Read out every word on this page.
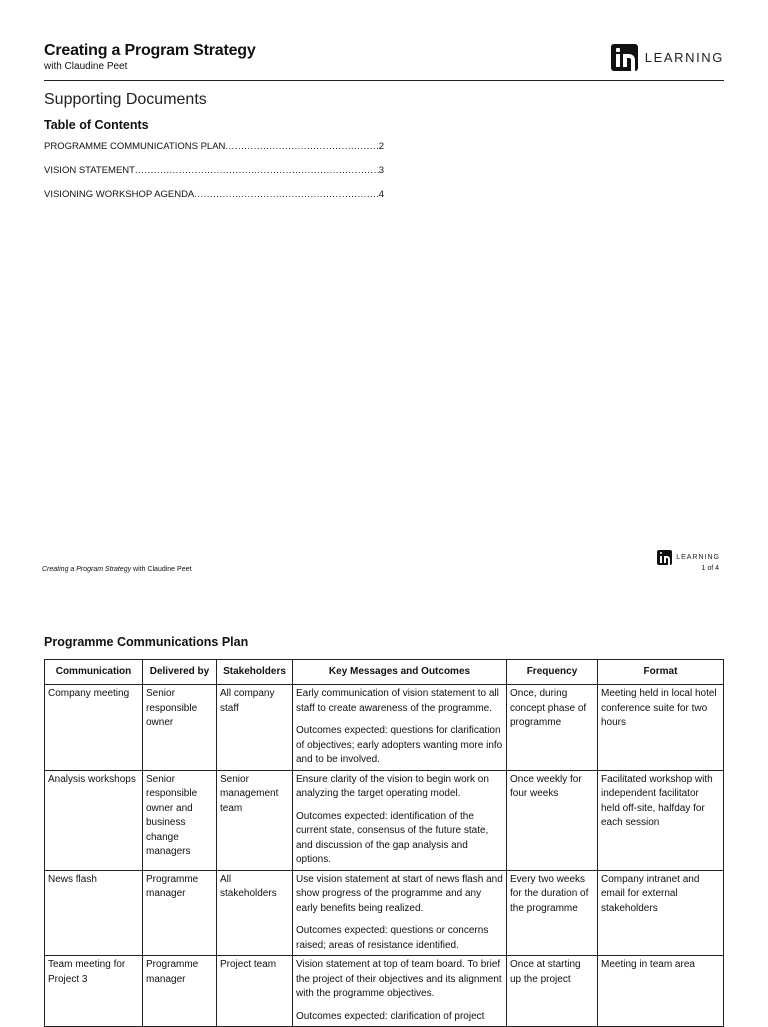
Creating a Program Strategy
with Claudine Peet
LEARNING
Supporting Documents
Table of Contents
PROGRAMME COMMUNICATIONS PLAN .....	2
VISION STATEMENT .....	3
VISIONING WORKSHOP AGENDA .....	4
Creating a Program Strategy with Claudine Peet
LEARNING
1 of 4
Programme Communications Plan
Communication	Delivered by	Stakeholders	Key Messages and Outcomes	Frequency	Format
Company meeting	Senior responsible owner	All company staff	Early communication of vision statement to all staff to create awareness of the programme.

Outcomes expected: questions for clarification of objectives; early adopters wanting more info and to be involved.	Once, during concept phase of programme	Meeting held in local hotel conference suite for two hours
Analysis workshops	Senior responsible owner and business change managers	Senior management team	Ensure clarity of the vision to begin work on analyzing the target operating model.

Outcomes expected: identification of the current state, consensus of the future state, and discussion of the gap analysis and options.	Once weekly for four weeks	Facilitated workshop with independent facilitator held off-site, halfday for each session
News flash	Programme manager	All stakeholders	Use vision statement at start of news flash and show progress of the programme and any early benefits being realized.

Outcomes expected: questions or concerns raised; areas of resistance identified.	Every two weeks for the duration of the programme	Company intranet and email for external stakeholders
Team meeting for Project 3	Programme manager	Project team	Vision statement at top of team board. To brief the project of their objectives and its alignment with the programme objectives.

Outcomes expected: clarification of project	Once at starting up the project	Meeting in team area
